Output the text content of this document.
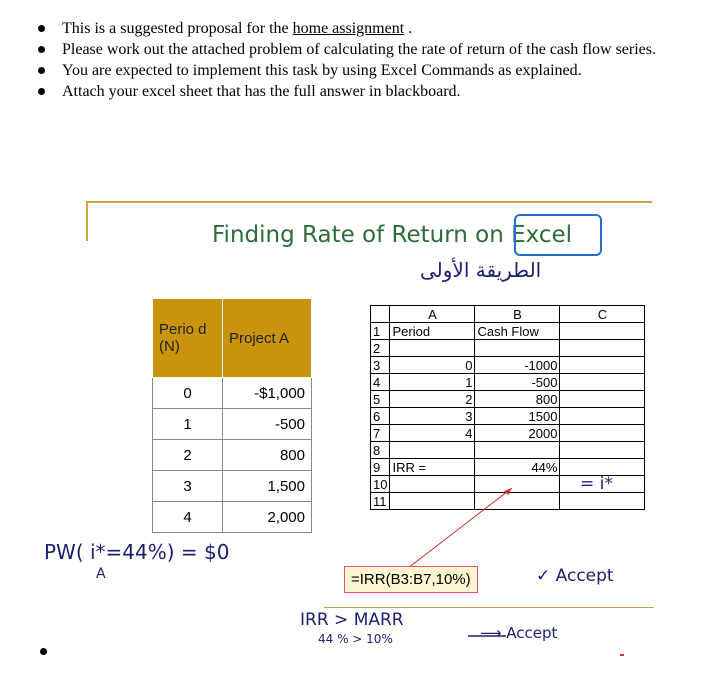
This is a suggested proposal for the home assignment .
Please work out the attached problem of calculating the rate of return of the cash flow series.
You are expected to implement this task by using Excel Commands as explained.
Attach your excel sheet that has the full answer in blackboard.
Finding Rate of Return on Excel
الطريقة الأولى
Perio d (N)	Project A
0	-$1,000
1	-500
2	800
3	1,500
4	2,000
	A	B	C
1	Period	Cash Flow	
2			
3	0	-1000	
4	1	-500	
5	2	800	
6	3	1500	
7	4	2000	
8			
9	IRR =	44%	
10			
11			
=IRR(B3:B7,10%)
PW( i*=44%) = $0
A
= i*
✓ Accept
IRR > MARR
44 % > 10%	⟶ Accept
